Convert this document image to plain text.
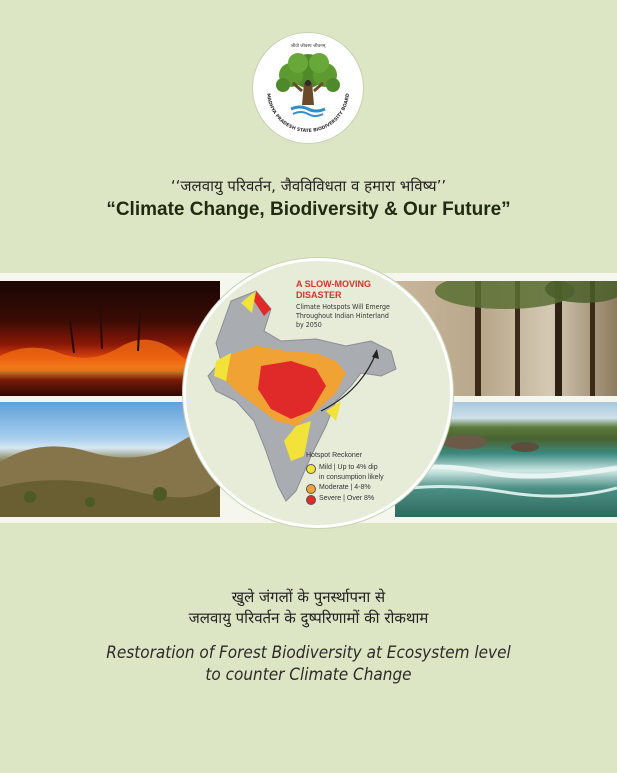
MADHYA PRADESH STATE BIODIVERSITY BOARD
जीवो जीवस्य जीवनम्
‘‘जलवायु परिवर्तन, जैवविविधता व हमारा भविष्य’’
“Climate Change, Biodiversity & Our Future”
A SLOW-MOVING
DISASTER
Climate Hotspots Will Emerge
Throughout Indian Hinterland
by 2050
Hotspot Reckoner
Mild | Up to 4% dip
in consumption likely
Moderate | 4-8%
Severe | Over 8%
खुले जंगलों के पुनर्स्थापना से
जलवायु परिवर्तन के दुष्परिणामों की रोकथाम
Restoration of Forest Biodiversity at Ecosystem level
to counter Climate Change
